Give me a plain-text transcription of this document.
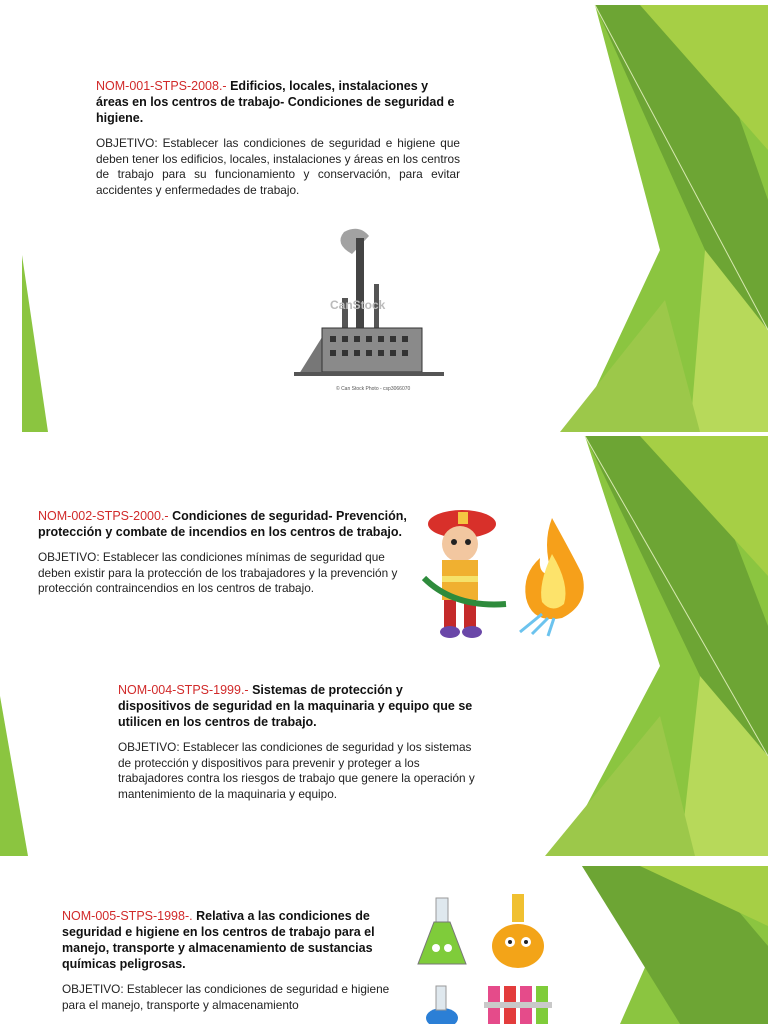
NOM-001-STPS-2008.- Edificios, locales, instalaciones y áreas en los centros de trabajo- Condiciones de seguridad e higiene.

OBJETIVO: Establecer las condiciones de seguridad e higiene que deben tener los edificios, locales, instalaciones y áreas en los centros de trabajo para su funcionamiento y conservación, para evitar accidentes y enfermedades de trabajo.

CanStock
© Can Stock Photo - csp3066070

NOM-002-STPS-2000.- Condiciones de seguridad- Prevención, protección y combate de incendios en los centros de trabajo.

OBJETIVO: Establecer las condiciones mínimas de seguridad que deben existir para la protección de los trabajadores y la prevención y protección contraincendios en los centros de trabajo.

NOM-004-STPS-1999.- Sistemas de protección y dispositivos de seguridad en la maquinaria y equipo que se utilicen en los centros de trabajo.

OBJETIVO: Establecer las condiciones de seguridad y los sistemas de protección y dispositivos para prevenir y proteger a los trabajadores contra los riesgos de trabajo que genere la operación y mantenimiento de la maquinaria y equipo.

NOM-005-STPS-1998-. Relativa a las condiciones de seguridad e higiene en los centros de trabajo para el manejo, transporte y almacenamiento de sustancias químicas peligrosas.

OBJETIVO: Establecer las condiciones de seguridad e higiene para el manejo, transporte y almacenamiento
